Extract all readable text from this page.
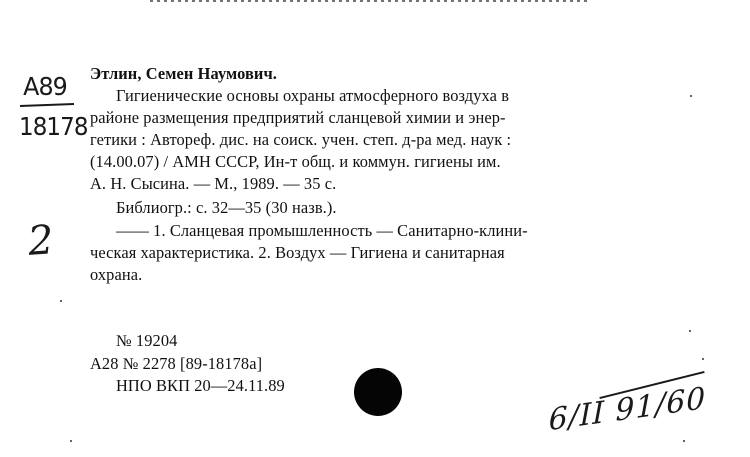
А89
18178
2
Этлин, Семен Наумович.
Гигиенические основы охраны атмосферного воздуха в
районе размещения предприятий сланцевой химии и энер-
гетики : Автореф. дис. на соиск. учен. степ. д-ра мед. наук :
(14.00.07) / АМН СССР, Ин-т общ. и коммун. гигиены им.
А. Н. Сысина. — М., 1989. — 35 с.
Библиогр.: с. 32—35 (30 назв.).
—— 1. Сланцевая промышленность — Санитарно-клини-
ческая характеристика. 2. Воздух — Гигиена и санитарная
охрана.
№ 19204
А28 № 2278 [89-18178а]
НПО ВКП 20—24.11.89	6/II 91/60
